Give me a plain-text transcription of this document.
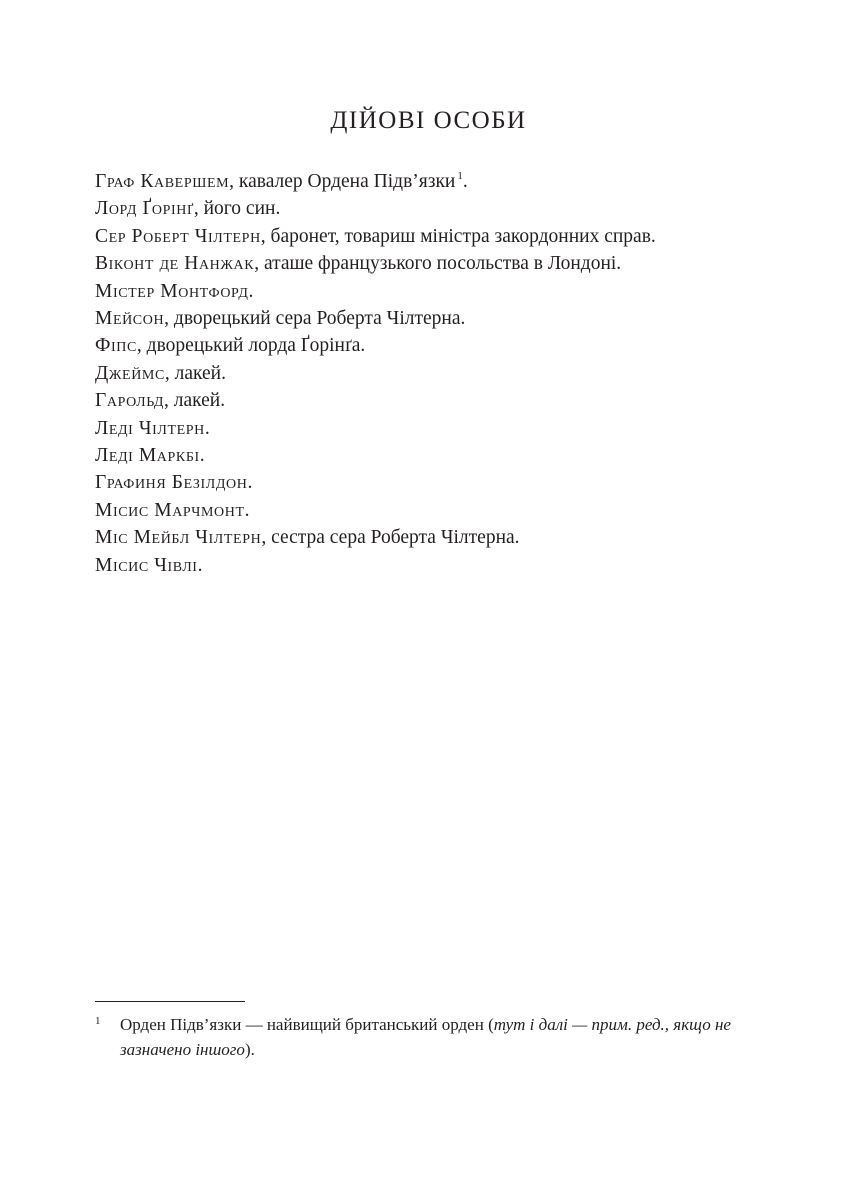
ДІЙОВІ ОСОБИ
Граф Кавершем, кавалер Ордена Підв’язки $^1$.
Лорд Ґорінґ, його син.
Сер Роберт Чілтерн, баронет, товариш міністра закордонних справ.
Віконт де Нанжак, аташе французького посольства в Лондоні.
Містер Монтфорд.
Мейсон, дворецький сера Роберта Чілтерна.
Фіпс, дворецький лорда Ґорінґа.
Джеймс, лакей.
Гарольд, лакей.
Леді Чілтерн.
Леді Маркбі.
Графиня Безілдон.
Місис Марчмонт.
Міс Мейбл Чілтерн, сестра сера Роберта Чілтерна.
Місис Чівлі.
1 Орден Підв’язки — найвищий британський орден (тут і далі — прим. ред., якщо не зазначено іншого).
